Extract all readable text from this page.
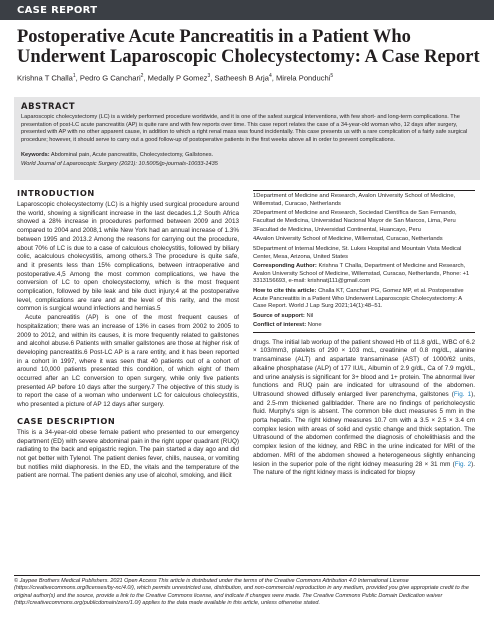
CASE REPORT
Postoperative Acute Pancreatitis in a Patient Who Underwent Laparoscopic Cholecystectomy: A Case Report
Krishna T Challa$^1$, Pedro G Canchari$^2$, Medally P Gomez$^3$, Satheesh B Arja$^4$, Mirela Ponduchi$^5$
ABSTRACT
Laparoscopic cholecystectomy (LC) is a widely performed procedure worldwide, and it is one of the safest surgical interventions, with few short- and long-term complications. The presentation of post-LC acute pancreatitis (AP) is quite rare and with few reports over time. This case report relates the case of a 34-year-old woman who, 12 days after surgery, presented with AP with no other apparent cause, in addition to which a right renal mass was found incidentally. This case presents us with a rare complication of a fairly safe surgical procedure; however, it should serve to carry out a good follow-up of postoperative patients in the first weeks above all in order to prevent complications.
Keywords: Abdominal pain, Acute pancreatitis, Cholecystectomy, Gallstones.
World Journal of Laparoscopic Surgery (2021): 10.5005/jp-journals-10033-1435
INTRODUCTION

Laparoscopic cholecystectomy (LC) is a highly used surgical procedure around the world, showing a significant increase in the last decades.1,2 South Africa showed a 28% increase in procedures performed between 2009 and 2013 compared to 2004 and 2008,1 while New York had an annual increase of 1.3% between 1995 and 2013.2 Among the reasons for carrying out the procedure, about 70% of LC is due to a case of calculous cholecystitis, followed by biliary colic, acalculous cholecystitis, among others.3 The procedure is quite safe, and it presents less than 15% complications, between intraoperative and postoperative.4,5 Among the most common complications, we have the conversion of LC to open cholecystectomy, which is the most frequent complication, followed by bile leak and bile duct injury;4 at the postoperative level, complications are rare and at the level of this rarity, and the most common is surgical wound infections and hernias.5

Acute pancreatitis (AP) is one of the most frequent causes of hospitalization; there was an increase of 13% in cases from 2002 to 2005 to 2009 to 2012, and within its causes, it is more frequently related to gallstones and alcohol abuse.6 Patients with smaller gallstones are those at higher risk of developing pancreatitis.6 Post-LC AP is a rare entity, and it has been reported in a cohort in 1997, where it was seen that 40 patients out of a cohort of around 10,000 patients presented this condition, of which eight of them occurred after an LC conversion to open surgery, while only five patients presented AP before 10 days after the surgery.7 The objective of this study is to report the case of a woman who underwent LC for calculous cholecystitis, who presented a picture of AP 12 days after surgery.

CASE DESCRIPTION

This is a 34-year-old obese female patient who presented to our emergency department (ED) with severe abdominal pain in the right upper quadrant (RUQ) radiating to the back and epigastric region. The pain started a day ago and did not get better with Tylenol. The patient denies fever, chills, nausea, or vomiting but notifies mild diaphoresis. In the ED, the vitals and the temperature of the patient are normal. The patient denies any use of alcohol, smoking, and illicit

1Department of Medicine and Research, Avalon University School of Medicine, Willemstad, Curacao, Netherlands

2Department of Medicine and Research, Sociedad Científica de San Fernando, Facultad de Medicina, Universidad Nacional Mayor de San Marcos, Lima, Peru

3Facultad de Medicina, Universidad Continental, Huancayo, Peru

4Avalon University School of Medicine, Willemstad, Curacao, Netherlands

5Department of Internal Medicine, St. Lukes Hospital and Mountain Vista Medical Center, Mesa, Arizona, United States

Corresponding Author: Krishna T Challa, Department of Medicine and Research, Avalon University School of Medicine, Willemstad, Curacao, Netherlands, Phone: +1 3313156693, e-mail: krishnatj111@gmail.com

How to cite this article: Challa KT, Canchari PG, Gomez MP, et al. Postoperative Acute Pancreatitis in a Patient Who Underwent Laparoscopic Cholecystectomy: A Case Report. World J Lap Surg 2021;14(1):48–51.

Source of support: Nil

Conflict of interest: None

drugs. The initial lab workup of the patient showed Hb of 11.8 g/dL, WBC of 6.2 × 103/mm3, platelets of 290 × 103 mcL, creatinine of 0.8 mg/dL, alanine transaminase (ALT) and aspartate transaminase (AST) of 1000/62 units, alkaline phosphatase (ALP) of 177 IU/L, Albumin of 2.9 g/dL, Ca of 7.9 mg/dL, and urine analysis is significant for 3+ blood and 1+ protein. The abnormal liver functions and RUQ pain are indicated for ultrasound of the abdomen. Ultrasound showed diffusely enlarged liver parenchyma, gallstones (Fig. 1), and 2.5-mm thickened gallbladder. There are no findings of pericholecystic fluid. Murphy's sign is absent. The common bile duct measures 5 mm in the porta hepatis. The right kidney measures 10.7 cm with a 3.5 × 2.5 × 3.4 cm complex lesion with areas of solid and cystic change and thick septation. The Ultrasound of the abdomen confirmed the diagnosis of cholelithiasis and the complex lesion of the kidney, and RBC in the urine indicated for MRI of the abdomen. MRI of the abdomen showed a heterogeneous slightly enhancing lesion in the superior pole of the right kidney measuring 28 × 31 mm (Fig. 2). The nature of the right kidney mass is indicated for biopsy

© Jaypee Brothers Medical Publishers. 2021 Open Access This article is distributed under the terms of the Creative Commons Attribution 4.0 International License (https://creativecommons.org/licenses/by-nc/4.0/), which permits unrestricted use, distribution, and non-commercial reproduction in any medium, provided you give appropriate credit to the original author(s) and the source, provide a link to the Creative Commons license, and indicate if changes were made. The Creative Commons Public Domain Dedication waiver (http://creativecommons.org/publicdomain/zero/1.0/) applies to the data made available in this article, unless otherwise stated.
